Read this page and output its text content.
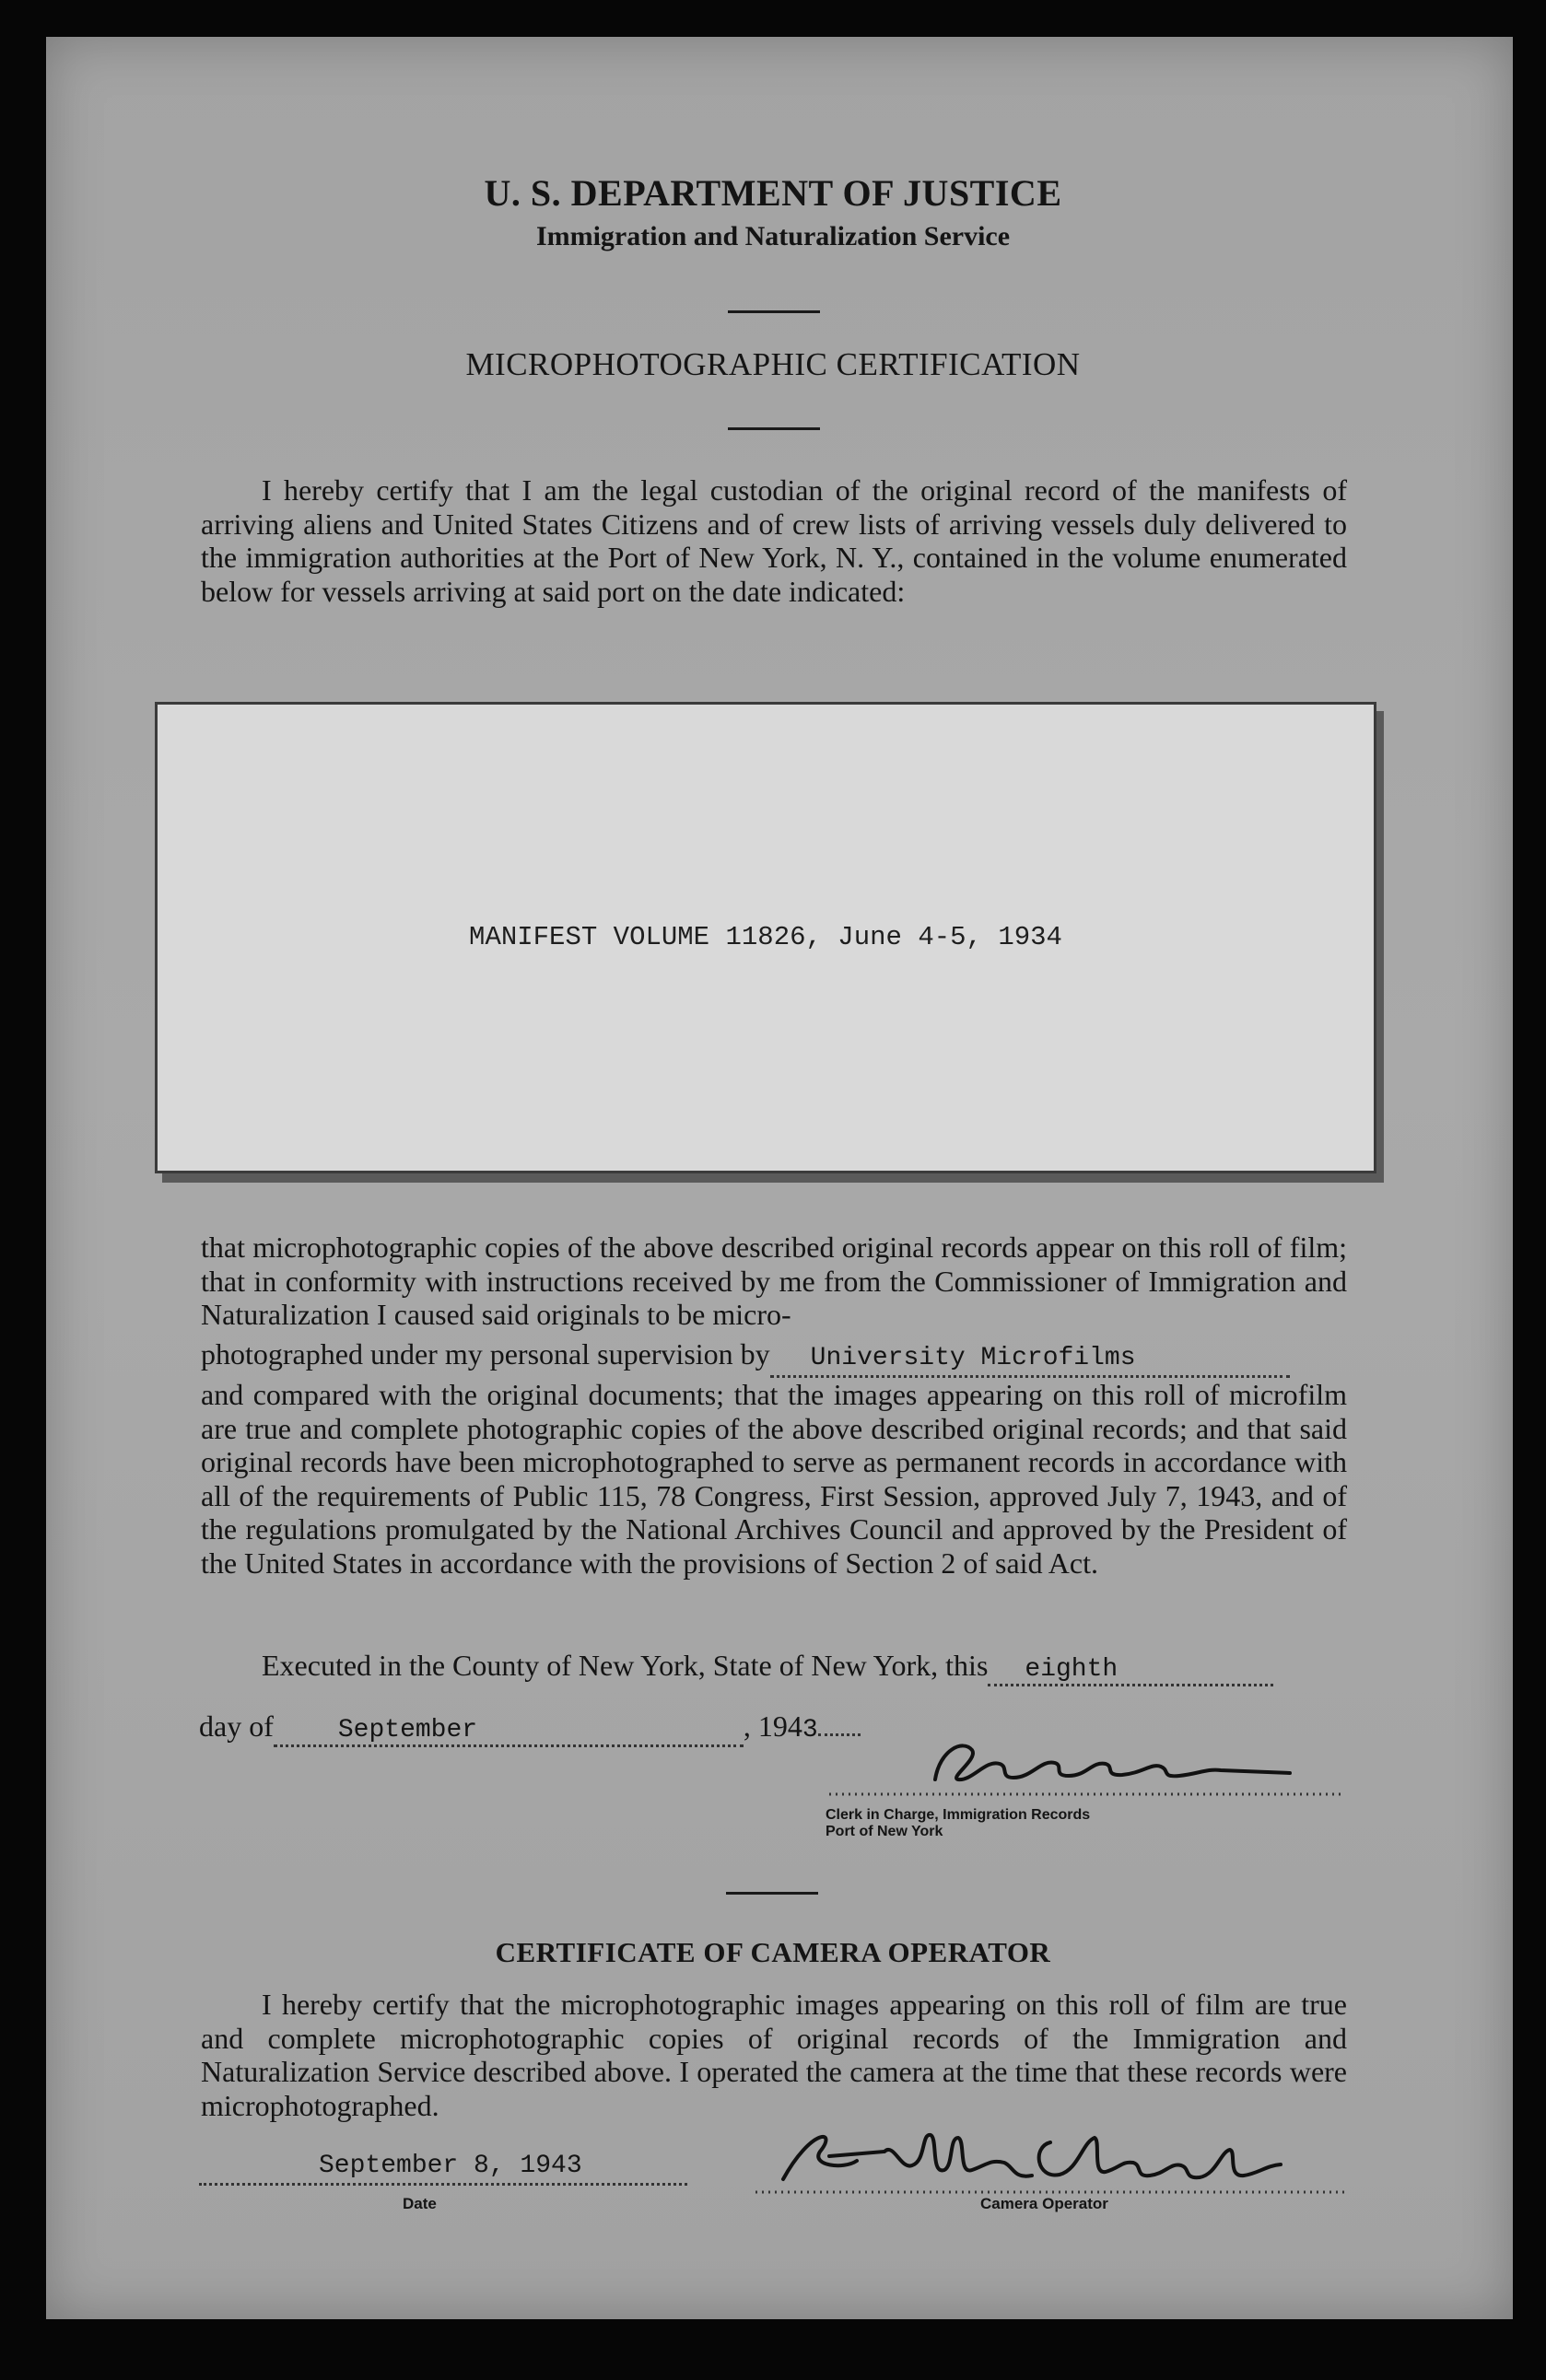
U. S. DEPARTMENT OF JUSTICE
Immigration and Naturalization Service
MICROPHOTOGRAPHIC CERTIFICATION

I hereby certify that I am the legal custodian of the original record of the manifests of arriving aliens and United States Citizens and of crew lists of arriving vessels duly delivered to the immigration authorities at the Port of New York, N. Y., contained in the volume enumerated below for vessels arriving at said port on the date indicated:

MANIFEST VOLUME 11826, June 4-5, 1934

that microphotographic copies of the above described original records appear on this roll of film; that in conformity with instructions received by me from the Commissioner of Immigration and Naturalization I caused said originals to be micro-

photographed under my personal supervision by University Microfilms

and compared with the original documents; that the images appearing on this roll of microfilm are true and complete photographic copies of the above described original records; and that said original records have been microphotographed to serve as permanent records in accordance with all of the requirements of Public 115, 78 Congress, First Session, approved July 7, 1943, and of the regulations promulgated by the National Archives Council and approved by the President of the United States in accordance with the provisions of Section 2 of said Act.

Executed in the County of New York, State of New York, this eighth
day of	September	, 1943
Clerk in Charge, Immigration Records
Port of New York
CERTIFICATE OF CAMERA OPERATOR

I hereby certify that the microphotographic images appearing on this roll of film are true and complete microphotographic copies of original records of the Immigration and Naturalization Service described above. I operated the camera at the time that these records were microphotographed.

September 8, 1943
Date	Camera Operator
